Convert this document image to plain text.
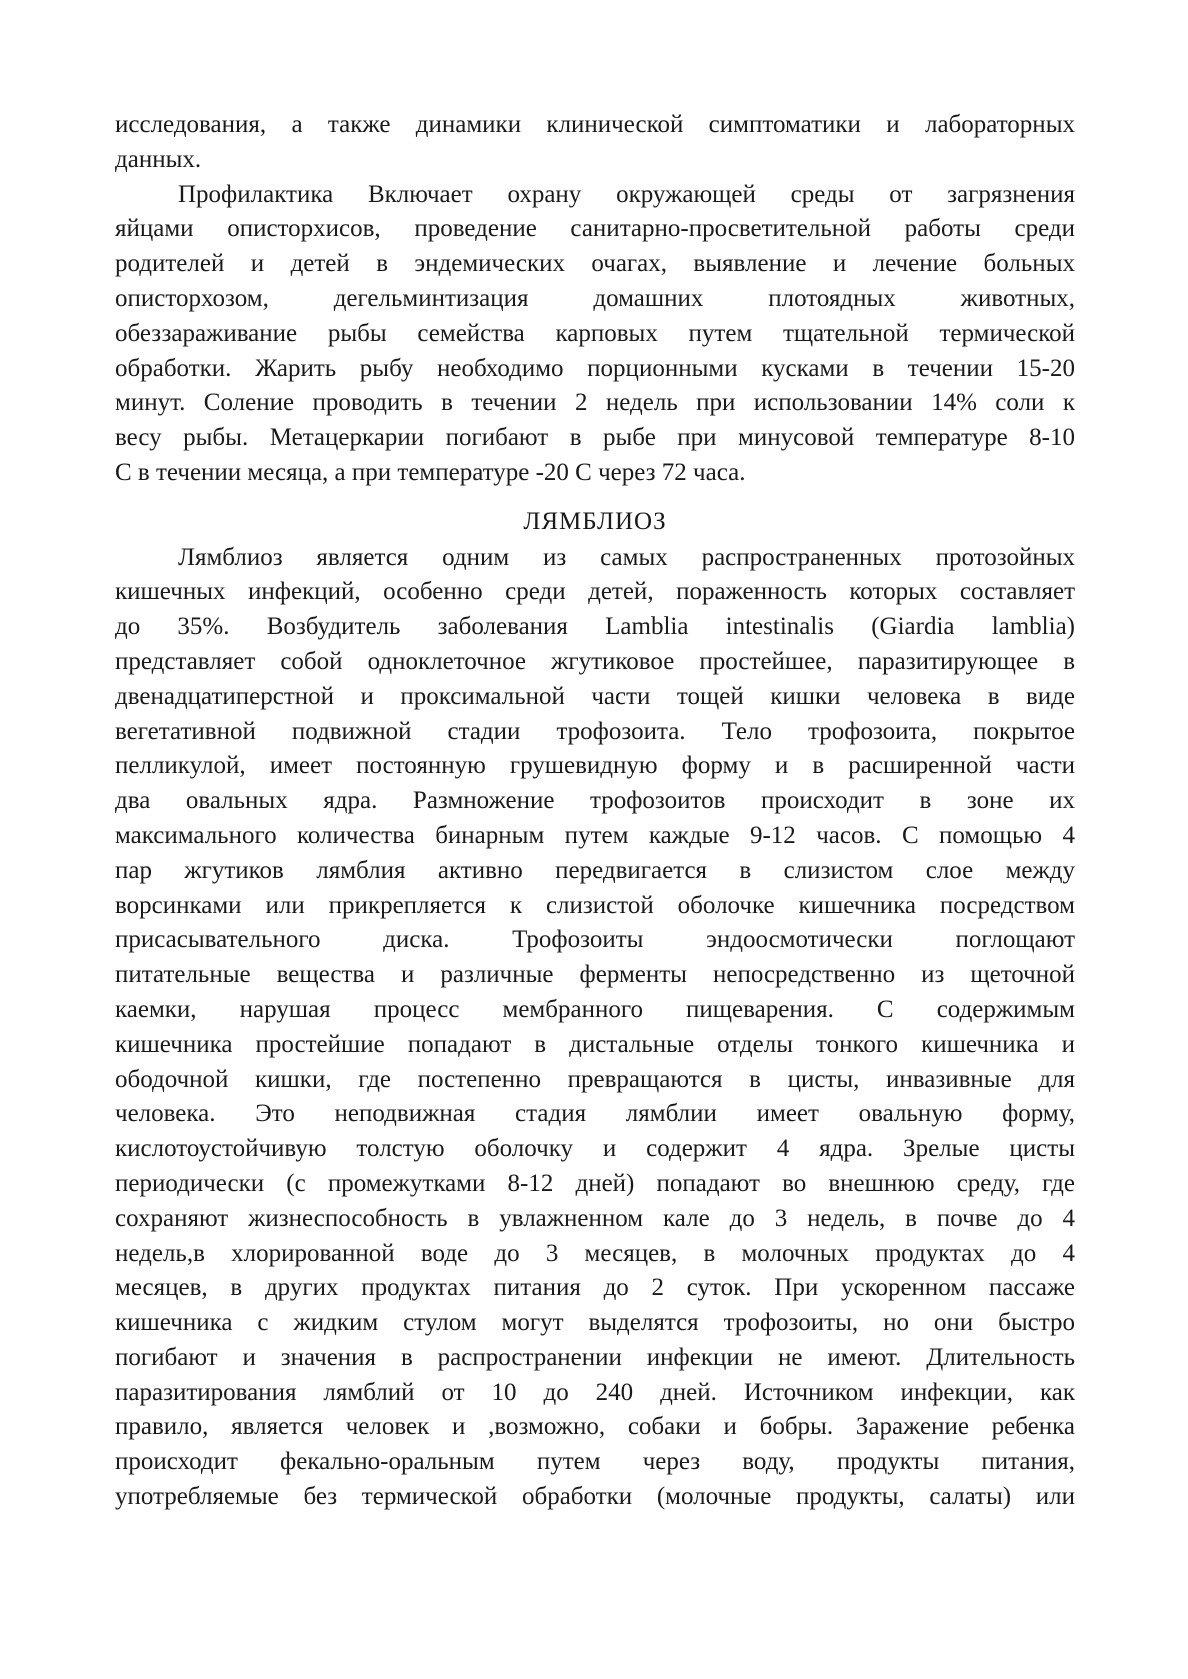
исследования, а также динамики клинической симптоматики и лабораторных
данных.
Профилактика Включает охрану окружающей среды от загрязнения
яйцами описторхисов, проведение санитарно-просветительной работы среди
родителей и детей в эндемических очагах, выявление и лечение больных
описторхозом, дегельминтизация домашних плотоядных животных,
обеззараживание рыбы семейства карповых путем тщательной термической
обработки. Жарить рыбу необходимо порционными кусками в течении 15-20
минут. Соление проводить в течении 2 недель при использовании 14% соли к
весу рыбы. Метацеркарии погибают в рыбе при минусовой температуре 8-10
С в течении месяца, а при температуре -20 С через 72 часа.
ЛЯМБЛИОЗ
Лямблиоз является одним из самых распространенных протозойных
кишечных инфекций, особенно среди детей, пораженность которых составляет
до 35%. Возбудитель заболевания Lamblia intestinalis (Giardia lamblia)
представляет собой одноклеточное жгутиковое простейшее, паразитирующее в
двенадцатиперстной и проксимальной части тощей кишки человека в виде
вегетативной подвижной стадии трофозоита. Тело трофозоита, покрытое
пелликулой, имеет постоянную грушевидную форму и в расширенной части
два овальных ядра. Размножение трофозоитов происходит в зоне их
максимального количества бинарным путем каждые 9-12 часов. С помощью 4
пар жгутиков лямблия активно передвигается в слизистом слое между
ворсинками или прикрепляется к слизистой оболочке кишечника посредством
присасывательного диска. Трофозоиты эндоосмотически поглощают
питательные вещества и различные ферменты непосредственно из щеточной
каемки, нарушая процесс мембранного пищеварения. С содержимым
кишечника простейшие попадают в дистальные отделы тонкого кишечника и
ободочной кишки, где постепенно превращаются в цисты, инвазивные для
человека. Это неподвижная стадия лямблии имеет овальную форму,
кислотоустойчивую толстую оболочку и содержит 4 ядра. Зрелые цисты
периодически (с промежутками 8-12 дней) попадают во внешнюю среду, где
сохраняют жизнеспособность в увлажненном кале до 3 недель, в почве до 4
недель,в хлорированной воде до 3 месяцев, в молочных продуктах до 4
месяцев, в других продуктах питания до 2 суток. При ускоренном пассаже
кишечника с жидким стулом могут выделятся трофозоиты, но они быстро
погибают и значения в распространении инфекции не имеют. Длительность
паразитирования лямблий от 10 до 240 дней. Источником инфекции, как
правило, является человек и ,возможно, собаки и бобры. Заражение ребенка
происходит фекально-оральным путем через воду, продукты питания,
употребляемые без термической обработки (молочные продукты, салаты) или
